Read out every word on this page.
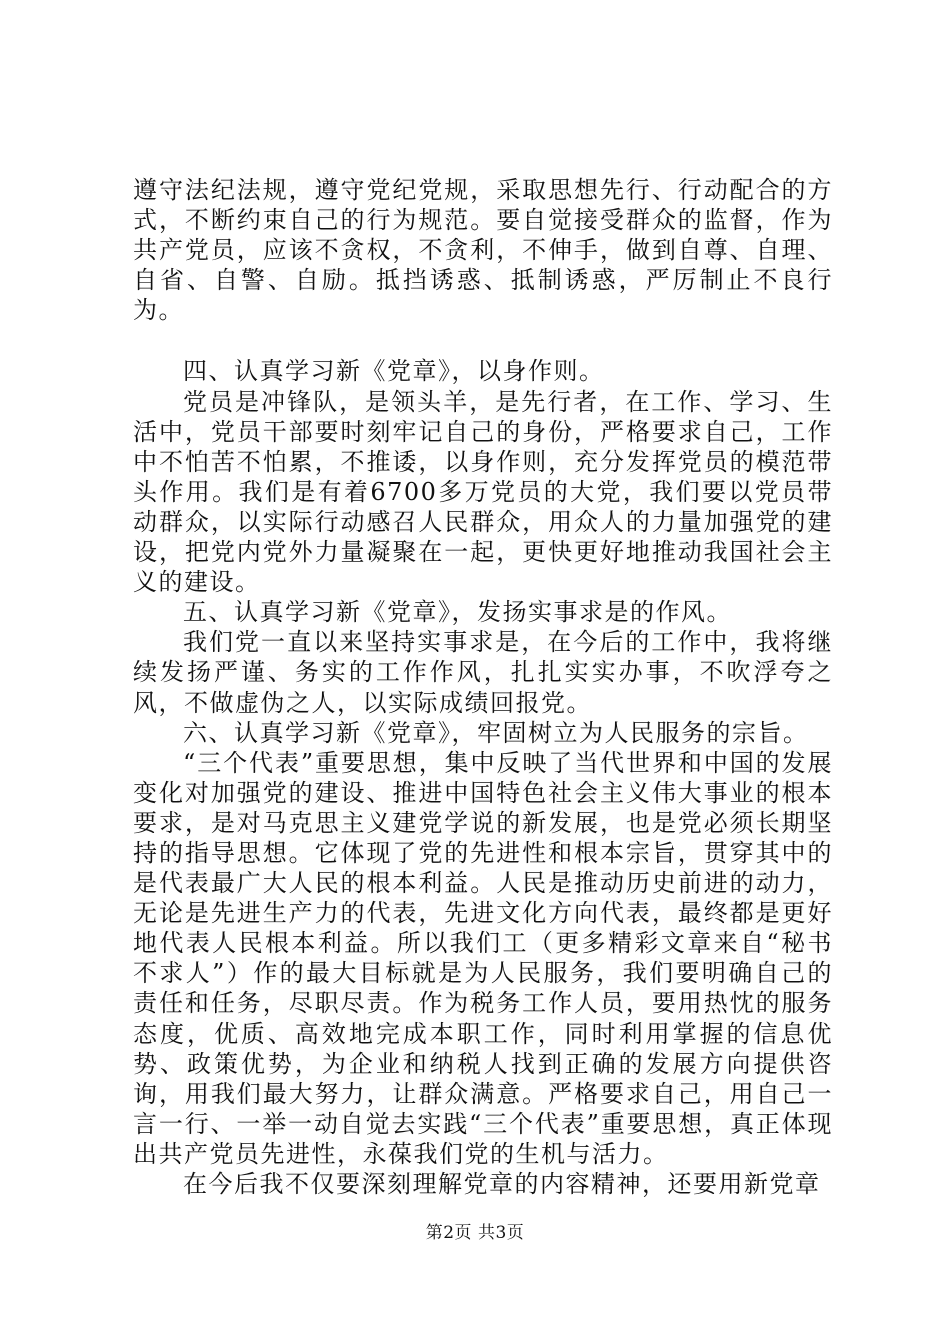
遵守法纪法规，遵守党纪党规，采取思想先行、行动配合的方式，不断约束自己的行为规范。要自觉接受群众的监督，作为共产党员，应该不贪权，不贪利，不伸手，做到自尊、自理、自省、自警、自励。抵挡诱惑、抵制诱惑，严厉制止不良行为。

四、认真学习新《党章》，以身作则。

党员是冲锋队，是领头羊，是先行者，在工作、学习、生活中，党员干部要时刻牢记自己的身份，严格要求自己，工作中不怕苦不怕累，不推诿，以身作则，充分发挥党员的模范带头作用。我们是有着6700多万党员的大党，我们要以党员带动群众，以实际行动感召人民群众，用众人的力量加强党的建设，把党内党外力量凝聚在一起，更快更好地推动我国社会主义的建设。

五、认真学习新《党章》，发扬实事求是的作风。

我们党一直以来坚持实事求是，在今后的工作中，我将继续发扬严谨、务实的工作作风，扎扎实实办事，不吹浮夸之风，不做虚伪之人，以实际成绩回报党。

六、认真学习新《党章》，牢固树立为人民服务的宗旨。

“三个代表”重要思想，集中反映了当代世界和中国的发展变化对加强党的建设、推进中国特色社会主义伟大事业的根本要求，是对马克思主义建党学说的新发展，也是党必须长期坚持的指导思想。它体现了党的先进性和根本宗旨，贯穿其中的是代表最广大人民的根本利益。人民是推动历史前进的动力，无论是先进生产力的代表，先进文化方向代表，最终都是更好地代表人民根本利益。所以我们工（更多精彩文章来自“秘书不求人”）作的最大目标就是为人民服务，我们要明确自己的责任和任务，尽职尽责。作为税务工作人员，要用热忱的服务态度，优质、高效地完成本职工作，同时利用掌握的信息优势、政策优势，为企业和纳税人找到正确的发展方向提供咨询，用我们最大努力，让群众满意。严格要求自己，用自己一言一行、一举一动自觉去实践“三个代表”重要思想，真正体现出共产党员先进性，永葆我们党的生机与活力。

在今后我不仅要深刻理解党章的内容精神，还要用新党章

第2页 共3页
